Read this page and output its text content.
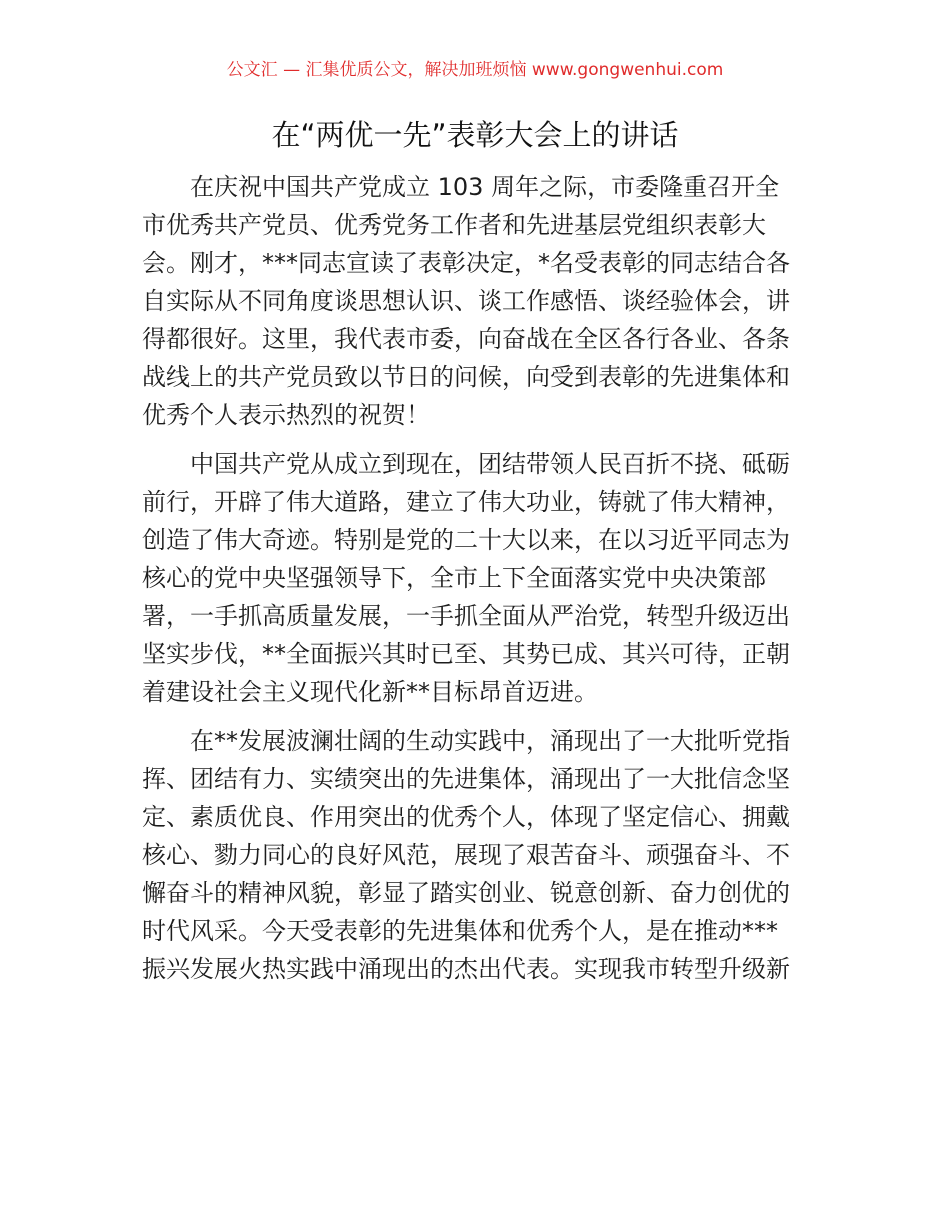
公文汇 — 汇集优质公文，解决加班烦恼 www.gongwenhui.com
在“两优一先”表彰大会上的讲话
在庆祝中国共产党成立 103 周年之际，市委隆重召开全
市优秀共产党员、优秀党务工作者和先进基层党组织表彰大
会。刚才，***同志宣读了表彰决定，*名受表彰的同志结合各
自实际从不同角度谈思想认识、谈工作感悟、谈经验体会，讲
得都很好。这里，我代表市委，向奋战在全区各行各业、各条
战线上的共产党员致以节日的问候，向受到表彰的先进集体和
优秀个人表示热烈的祝贺！
中国共产党从成立到现在，团结带领人民百折不挠、砥砺
前行，开辟了伟大道路，建立了伟大功业，铸就了伟大精神，
创造了伟大奇迹。特别是党的二十大以来，在以习近平同志为
核心的党中央坚强领导下，全市上下全面落实党中央决策部
署，一手抓高质量发展，一手抓全面从严治党，转型升级迈出
坚实步伐，**全面振兴其时已至、其势已成、其兴可待，正朝
着建设社会主义现代化新**目标昂首迈进。
在**发展波澜壮阔的生动实践中，涌现出了一大批听党指
挥、团结有力、实绩突出的先进集体，涌现出了一大批信念坚
定、素质优良、作用突出的优秀个人，体现了坚定信心、拥戴
核心、勠力同心的良好风范，展现了艰苦奋斗、顽强奋斗、不
懈奋斗的精神风貌，彰显了踏实创业、锐意创新、奋力创优的
时代风采。今天受表彰的先进集体和优秀个人，是在推动***
振兴发展火热实践中涌现出的杰出代表。实现我市转型升级新
